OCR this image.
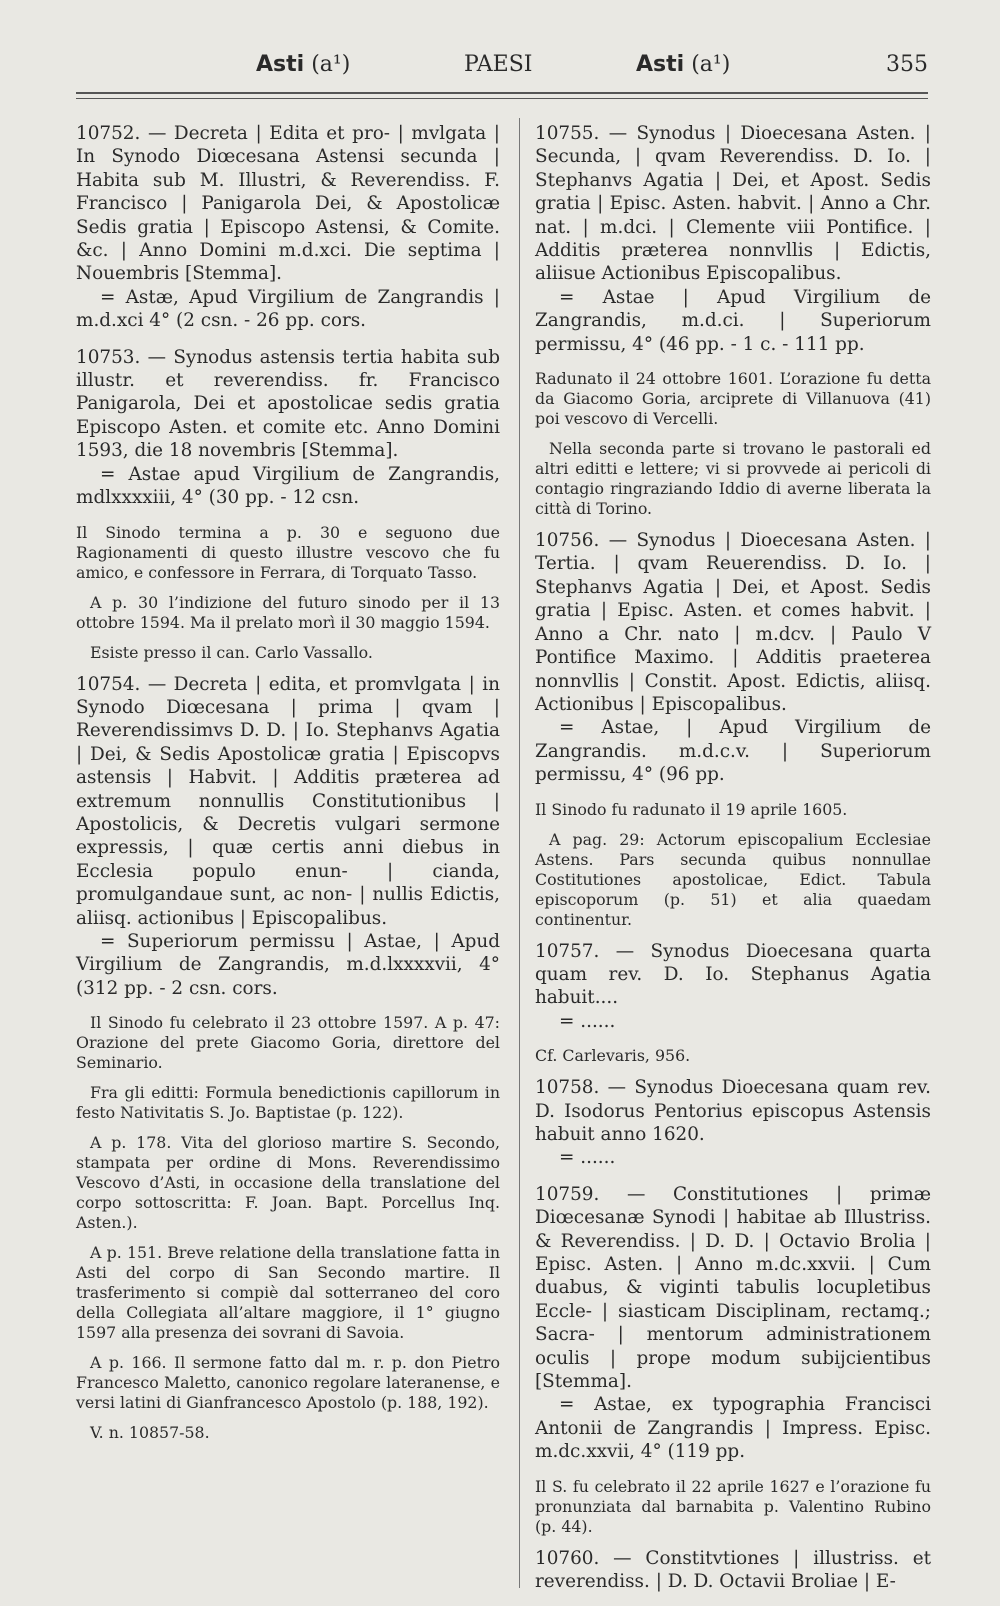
Asti (a¹)	PAESI	Asti (a¹)	355
10752. — Decreta | Edita et pro- | mvlgata | In Synodo Diœcesana Astensi secunda | Habita sub M. Illustri, & Reverendiss. F. Francisco | Panigarola Dei, & Apostolicæ Sedis gratia | Episcopo Astensi, & Comite. &c. | Anno Domini m.d.xci. Die septima | Nouembris [Stemma].
= Astæ, Apud Virgilium de Zangrandis | m.d.xci 4° (2 csn. - 26 pp. cors.
10753. — Synodus astensis tertia habita sub illustr. et reverendiss. fr. Francisco Panigarola, Dei et apostolicae sedis gratia Episcopo Asten. et comite etc. Anno Domini 1593, die 18 novembris [Stemma].
= Astae apud Virgilium de Zangrandis, mdlxxxxiii, 4° (30 pp. - 12 csn.
Il Sinodo termina a p. 30 e seguono due Ragionamenti di questo illustre vescovo che fu amico, e confessore in Ferrara, di Torquato Tasso.
A p. 30 l’indizione del futuro sinodo per il 13 ottobre 1594. Ma il prelato morì il 30 maggio 1594.
Esiste presso il can. Carlo Vassallo.
10754. — Decreta | edita, et promvlgata | in Synodo Diœcesana | prima | qvam | Reverendissimvs D. D. | Io. Stephanvs Agatia | Dei, & Sedis Apostolicæ gratia | Episcopvs astensis | Habvit. | Additis prӕterea ad extremum nonnullis Constitutionibus | Apostolicis, & Decretis vulgari sermone expressis, | quæ certis anni diebus in Ecclesia populo enun- | cianda, promulgandaue sunt, ac non- | nullis Edictis, aliisq. actionibus | Episcopalibus.
= Superiorum permissu | Astae, | Apud Virgilium de Zangrandis, m.d.lxxxxvii, 4° (312 pp. - 2 csn. cors.
Il Sinodo fu celebrato il 23 ottobre 1597. A p. 47: Orazione del prete Giacomo Goria, direttore del Seminario.
Fra gli editti: Formula benedictionis capillorum in festo Nativitatis S. Jo. Baptistae (p. 122).
A p. 178. Vita del glorioso martire S. Secondo, stampata per ordine di Mons. Reverendissimo Vescovo d’Asti, in occasione della translatione del corpo sottoscritta: F. Joan. Bapt. Porcellus Inq. Asten.).
A p. 151. Breve relatione della translatione fatta in Asti del corpo di San Secondo martire. Il trasferimento si compiè dal sotterraneo del coro della Collegiata all’altare maggiore, il 1° giugno 1597 alla presenza dei sovrani di Savoia.
A p. 166. Il sermone fatto dal m. r. p. don Pietro Francesco Maletto, canonico regolare lateranense, e versi latini di Gianfrancesco Apostolo (p. 188, 192).
V. n. 10857-58.
10755. — Synodus | Dioecesana Asten. | Secunda, | qvam Reverendiss. D. Io. | Stephanvs Agatia | Dei, et Apost. Sedis gratia | Episc. Asten. habvit. | Anno a Chr. nat. | m.dci. | Clemente viii Pontifice. | Additis prӕterea nonnvllis | Edictis, aliisue Actionibus Episcopalibus.
= Astae | Apud Virgilium de Zangrandis, m.d.ci. | Superiorum permissu, 4° (46 pp. - 1 c. - 111 pp.
Radunato il 24 ottobre 1601. L’orazione fu detta da Giacomo Goria, arciprete di Villanuova (41) poi vescovo di Vercelli.
Nella seconda parte si trovano le pastorali ed altri editti e lettere; vi si provvede ai pericoli di contagio ringraziando Iddio di averne liberata la città di Torino.
10756. — Synodus | Dioecesana Asten. | Tertia. | qvam Reuerendiss. D. Io. | Stephanvs Agatia | Dei, et Apost. Sedis gratia | Episc. Asten. et comes habvit. | Anno a Chr. nato | m.dcv. | Paulo V Pontifice Maximo. | Additis praeterea nonnvllis | Constit. Apost. Edictis, aliisq. Actionibus | Episcopalibus.
= Astae, | Apud Virgilium de Zangrandis. m.d.c.v. | Superiorum permissu, 4° (96 pp.
Il Sinodo fu radunato il 19 aprile 1605.
A pag. 29: Actorum episcopalium Ecclesiae Astens. Pars secunda quibus nonnullae Costitutiones apostolicae, Edict. Tabula episcoporum (p. 51) et alia quaedam continentur.
10757. — Synodus Dioecesana quarta quam rev. D. Io. Stephanus Agatia habuit....
= ......
Cf. Carlevaris, 956.
10758. — Synodus Dioecesana quam rev. D. Isodorus Pentorius episcopus Astensis habuit anno 1620.
= ......
10759. — Constitutiones | primæ Diœcesanæ Synodi | habitae ab Illustriss. & Reverendiss. | D. D. | Octavio Brolia | Episc. Asten. | Anno m.dc.xxvii. | Cum duabus, & viginti tabulis locupletibus Eccle- | siasticam Disciplinam, rectamq.; Sacra- | mentorum administrationem oculis | prope modum subijcientibus [Stemma].
= Astae, ex typographia Francisci Antonii de Zangrandis | Impress. Episc. m.dc.xxvii, 4° (119 pp.
Il S. fu celebrato il 22 aprile 1627 e l’orazione fu pronunziata dal barnabita p. Valentino Rubino (p. 44).
10760. — Constitvtiones | illustriss. et reverendiss. | D. D. Octavii Broliae | E-
